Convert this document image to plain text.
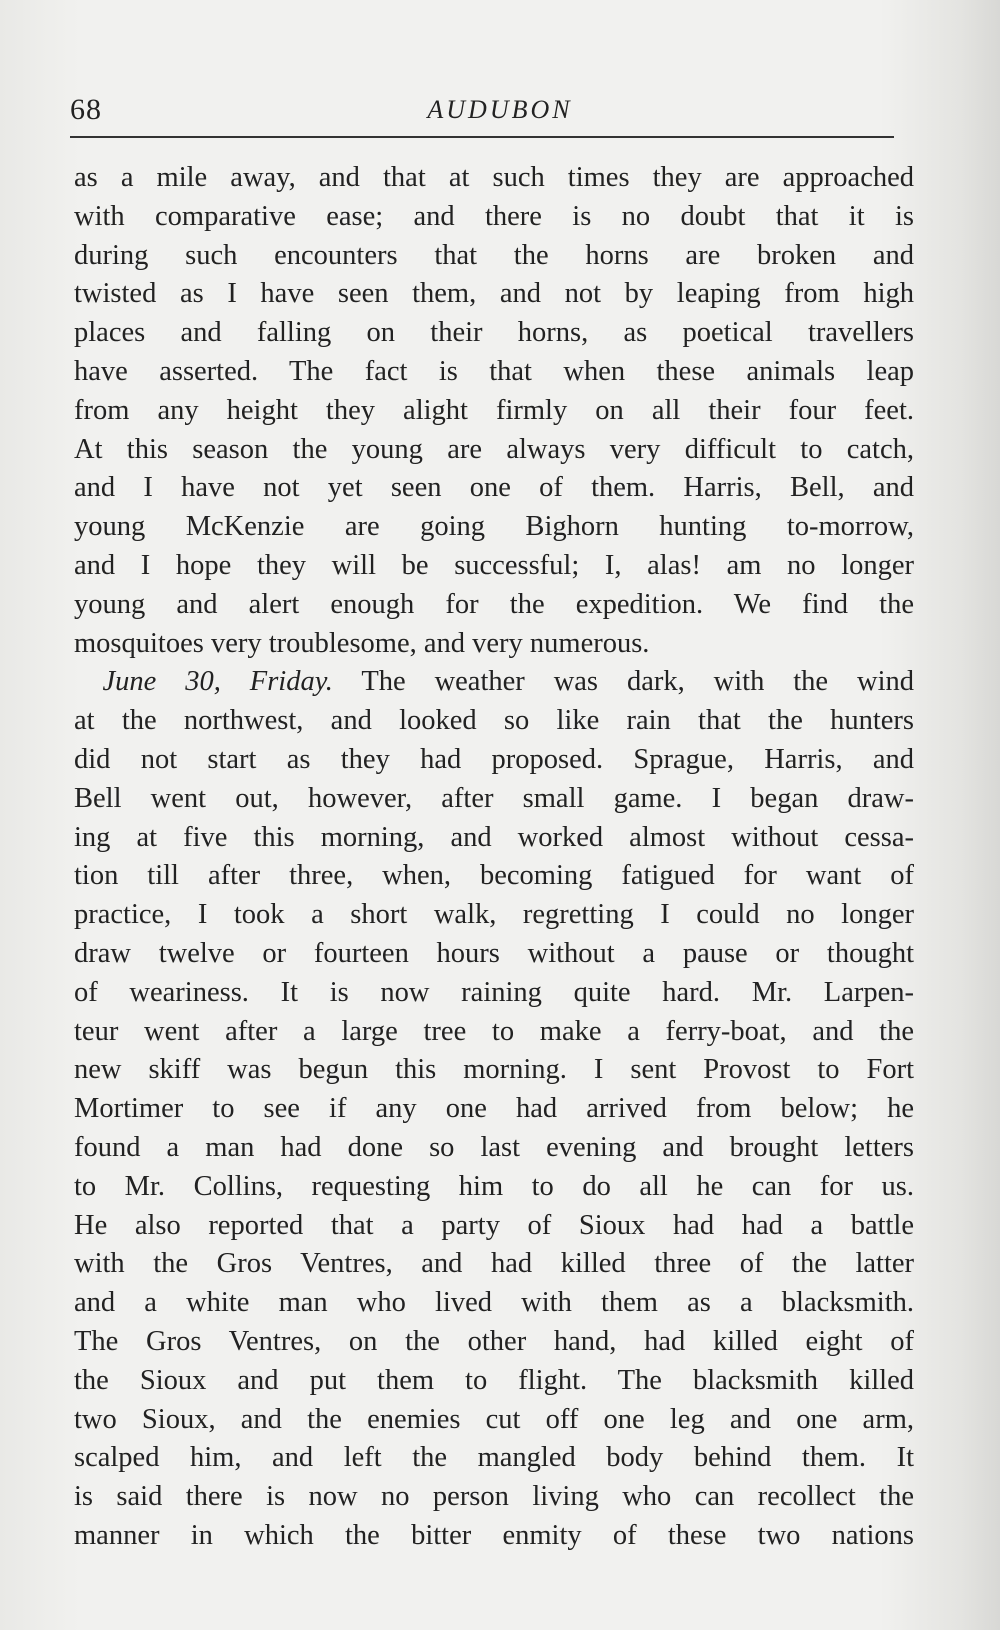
68	AUDUBON
as a mile away, and that at such times they are approached
with comparative ease; and there is no doubt that it is
during such encounters that the horns are broken and
twisted as I have seen them, and not by leaping from high
places and falling on their horns, as poetical travellers
have asserted. The fact is that when these animals leap
from any height they alight firmly on all their four feet.
At this season the young are always very difficult to catch,
and I have not yet seen one of them. Harris, Bell, and
young McKenzie are going Bighorn hunting to-morrow,
and I hope they will be successful; I, alas! am no longer
young and alert enough for the expedition. We find the
mosquitoes very troublesome, and very numerous.
 June 30, Friday. The weather was dark, with the wind
at the northwest, and looked so like rain that the hunters
did not start as they had proposed. Sprague, Harris, and
Bell went out, however, after small game. I began draw-
ing at five this morning, and worked almost without cessa-
tion till after three, when, becoming fatigued for want of
practice, I took a short walk, regretting I could no longer
draw twelve or fourteen hours without a pause or thought
of weariness. It is now raining quite hard. Mr. Larpen-
teur went after a large tree to make a ferry-boat, and the
new skiff was begun this morning. I sent Provost to Fort
Mortimer to see if any one had arrived from below; he
found a man had done so last evening and brought letters
to Mr. Collins, requesting him to do all he can for us.
He also reported that a party of Sioux had had a battle
with the Gros Ventres, and had killed three of the latter
and a white man who lived with them as a blacksmith.
The Gros Ventres, on the other hand, had killed eight of
the Sioux and put them to flight. The blacksmith killed
two Sioux, and the enemies cut off one leg and one arm,
scalped him, and left the mangled body behind them. It
is said there is now no person living who can recollect the
manner in which the bitter enmity of these two nations
